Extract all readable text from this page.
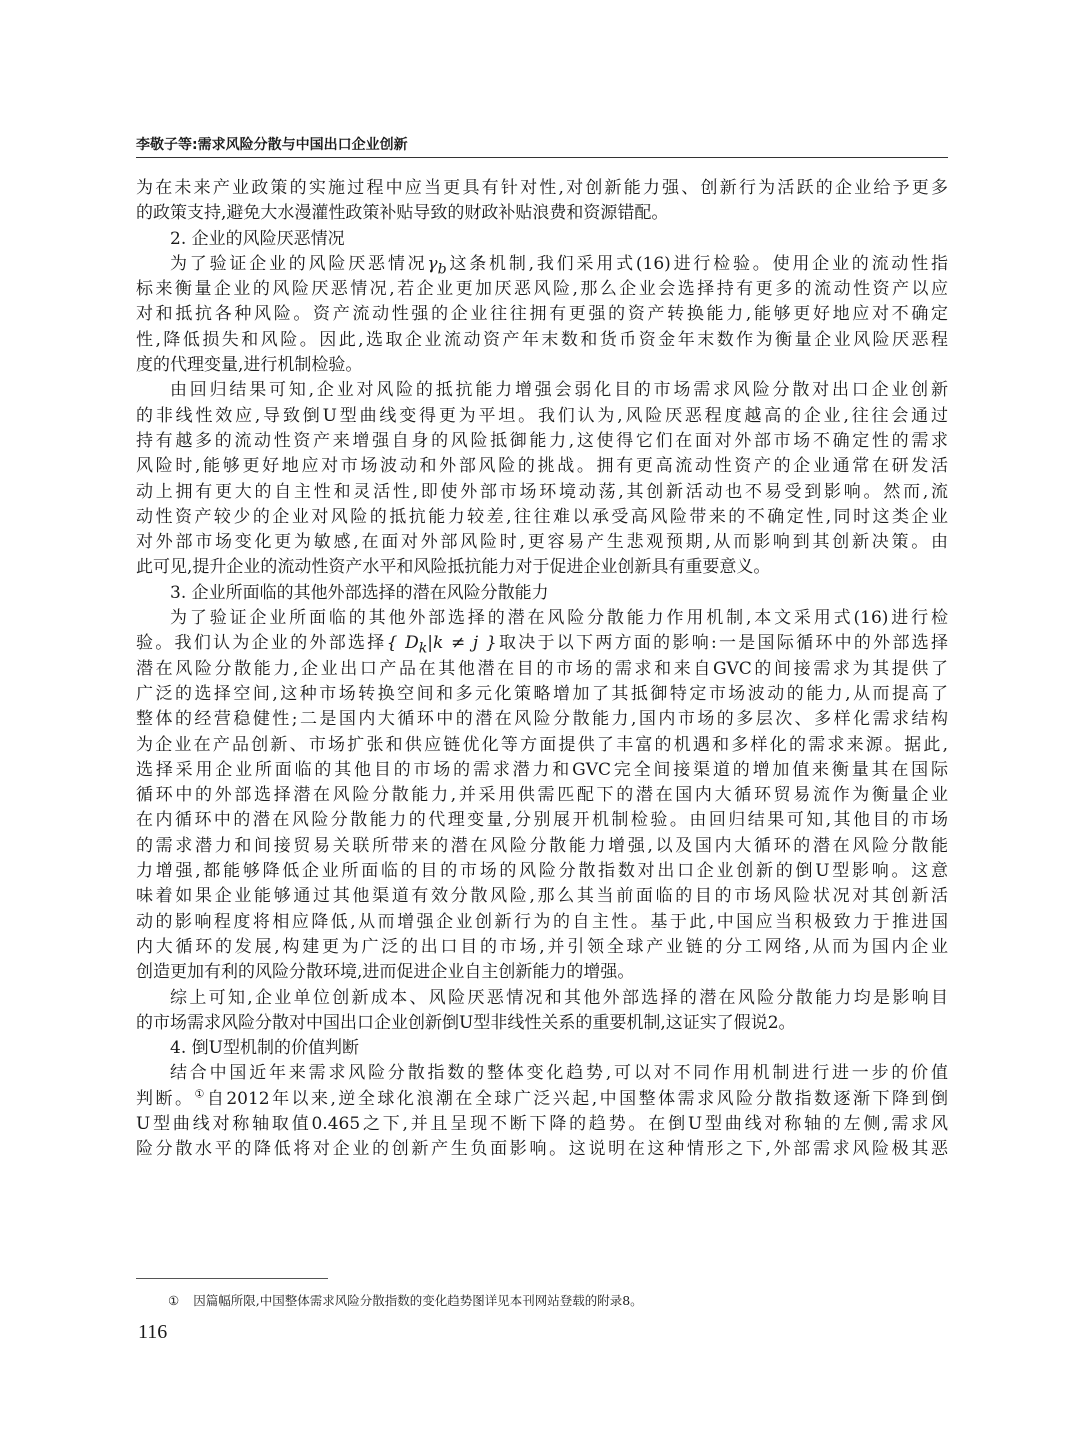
李敬子等:需求风险分散与中国出口企业创新
为在未来产业政策的实施过程中应当更具有针对性,对创新能力强、创新行为活跃的企业给予更多
的政策支持,避免大水漫灌性政策补贴导致的财政补贴浪费和资源错配。
2. 企业的风险厌恶情况
为了验证企业的风险厌恶情况$\gamma_b$这条机制,我们采用式(16)进行检验。使用企业的流动性指
标来衡量企业的风险厌恶情况,若企业更加厌恶风险,那么企业会选择持有更多的流动性资产以应
对和抵抗各种风险。资产流动性强的企业往往拥有更强的资产转换能力,能够更好地应对不确定
性,降低损失和风险。因此,选取企业流动资产年末数和货币资金年末数作为衡量企业风险厌恶程
度的代理变量,进行机制检验。
由回归结果可知,企业对风险的抵抗能力增强会弱化目的市场需求风险分散对出口企业创新
的非线性效应,导致倒U型曲线变得更为平坦。我们认为,风险厌恶程度越高的企业,往往会通过
持有越多的流动性资产来增强自身的风险抵御能力,这使得它们在面对外部市场不确定性的需求
风险时,能够更好地应对市场波动和外部风险的挑战。拥有更高流动性资产的企业通常在研发活
动上拥有更大的自主性和灵活性,即使外部市场环境动荡,其创新活动也不易受到影响。然而,流
动性资产较少的企业对风险的抵抗能力较差,往往难以承受高风险带来的不确定性,同时这类企业
对外部市场变化更为敏感,在面对外部风险时,更容易产生悲观预期,从而影响到其创新决策。由
此可见,提升企业的流动性资产水平和风险抵抗能力对于促进企业创新具有重要意义。
3. 企业所面临的其他外部选择的潜在风险分散能力
为了验证企业所面临的其他外部选择的潜在风险分散能力作用机制,本文采用式(16)进行检
验。我们认为企业的外部选择{ $D_k|k \ne j$ }取决于以下两方面的影响:一是国际循环中的外部选择
潜在风险分散能力,企业出口产品在其他潜在目的市场的需求和来自GVC的间接需求为其提供了
广泛的选择空间,这种市场转换空间和多元化策略增加了其抵御特定市场波动的能力,从而提高了
整体的经营稳健性;二是国内大循环中的潜在风险分散能力,国内市场的多层次、多样化需求结构
为企业在产品创新、市场扩张和供应链优化等方面提供了丰富的机遇和多样化的需求来源。据此,
选择采用企业所面临的其他目的市场的需求潜力和GVC完全间接渠道的增加值来衡量其在国际
循环中的外部选择潜在风险分散能力,并采用供需匹配下的潜在国内大循环贸易流作为衡量企业
在内循环中的潜在风险分散能力的代理变量,分别展开机制检验。由回归结果可知,其他目的市场
的需求潜力和间接贸易关联所带来的潜在风险分散能力增强,以及国内大循环的潜在风险分散能
力增强,都能够降低企业所面临的目的市场的风险分散指数对出口企业创新的倒U型影响。这意
味着如果企业能够通过其他渠道有效分散风险,那么其当前面临的目的市场风险状况对其创新活
动的影响程度将相应降低,从而增强企业创新行为的自主性。基于此,中国应当积极致力于推进国
内大循环的发展,构建更为广泛的出口目的市场,并引领全球产业链的分工网络,从而为国内企业
创造更加有利的风险分散环境,进而促进企业自主创新能力的增强。
综上可知,企业单位创新成本、风险厌恶情况和其他外部选择的潜在风险分散能力均是影响目
的市场需求风险分散对中国出口企业创新倒U型非线性关系的重要机制,这证实了假说2。
4. 倒U型机制的价值判断
结合中国近年来需求风险分散指数的整体变化趋势,可以对不同作用机制进行进一步的价值
判断。①自2012年以来,逆全球化浪潮在全球广泛兴起,中国整体需求风险分散指数逐渐下降到倒
U型曲线对称轴取值0.465之下,并且呈现不断下降的趋势。在倒U型曲线对称轴的左侧,需求风
险分散水平的降低将对企业的创新产生负面影响。这说明在这种情形之下,外部需求风险极其恶
① 因篇幅所限,中国整体需求风险分散指数的变化趋势图详见本刊网站登载的附录8。
116
